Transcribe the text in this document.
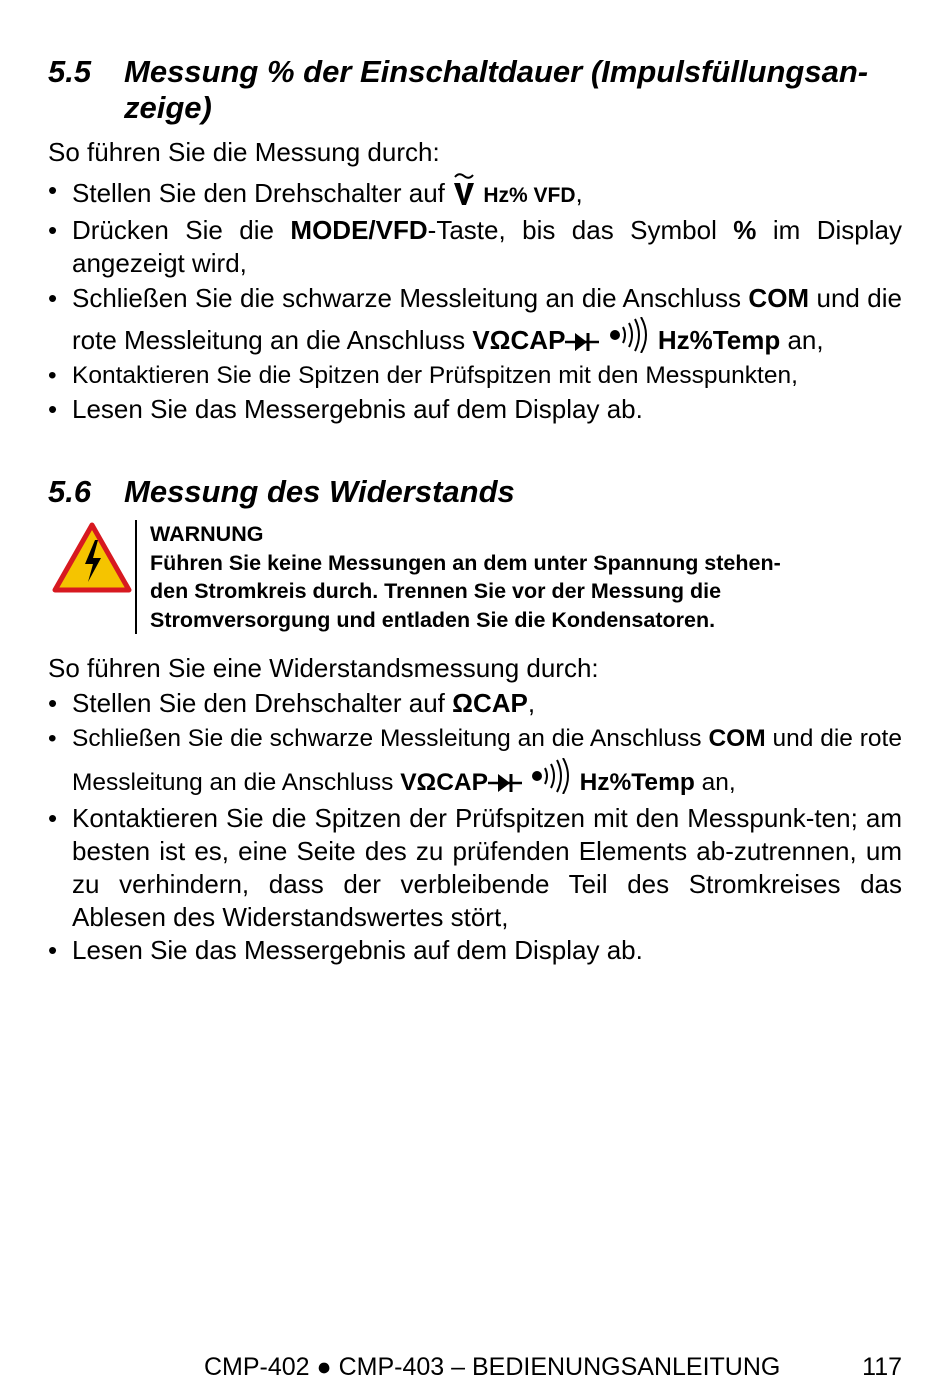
5.5	Messung % der Einschaltdauer (Impulsfüllungsan-
zeige)

So führen Sie die Messung durch:

• Stellen Sie den Drehschalter auf  Hz% VFD,
• Drücken Sie die MODE/VFD-Taste, bis das Symbol % im Display angezeigt wird,
• Schließen Sie die schwarze Messleitung an die Anschluss COM und die rote Messleitung an die Anschluss VΩCAP	Hz%Temp an,
• Kontaktieren Sie die Spitzen der Prüfspitzen mit den Messpunkten,
• Lesen Sie das Messergebnis auf dem Display ab.
5.6	Messung des Widerstands
WARNUNG
Führen Sie keine Messungen an dem unter Spannung stehen-
den Stromkreis durch. Trennen Sie vor der Messung die
Stromversorgung und entladen Sie die Kondensatoren.

So führen Sie eine Widerstandsmessung durch:

• Stellen Sie den Drehschalter auf ΩCAP,
• Schließen Sie die schwarze Messleitung an die Anschluss COM und die rote Messleitung an die Anschluss VΩCAP	Hz%Temp an,
• Kontaktieren Sie die Spitzen der Prüfspitzen mit den Messpunk-ten; am besten ist es, eine Seite des zu prüfenden Elements ab-zutrennen, um zu verhindern, dass der verbleibende Teil des Stromkreises das Ablesen des Widerstandswertes stört,
• Lesen Sie das Messergebnis auf dem Display ab.
CMP-402 ● CMP-403 – BEDIENUNGSANLEITUNG	117
